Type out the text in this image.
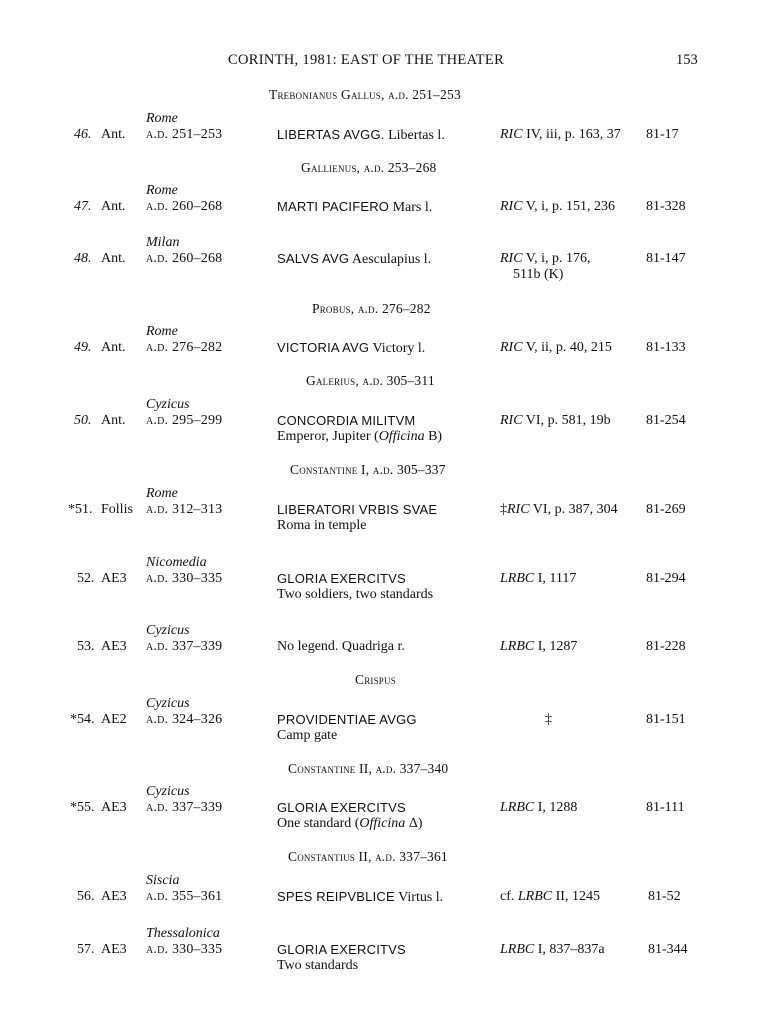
CORINTH, 1981: EAST OF THE THEATER	153
Trebonianus Gallus, a.d. 251–253
Rome
46. Ant. a.d. 251–253	LIBERTAS AVGG. Libertas l.	RIC IV, iii, p. 163, 37 81-17
Gallienus, a.d. 253–268
Rome
47. Ant. a.d. 260–268	MARTI PACIFERO Mars l.	RIC V, i, p. 151, 236 81-328
Milan
48. Ant. a.d. 260–268	SALVS AVG Aesculapius l.	RIC V, i, p. 176,
511b (K)
81-147
Probus, a.d. 276–282
Rome
49. Ant. a.d. 276–282	VICTORIA AVG Victory l.	RIC V, ii, p. 40, 215 81-133
Galerius, a.d. 305–311
Cyzicus
50. Ant. a.d. 295–299	CONCORDIA MILITVM
Emperor, Jupiter (Officina B)
RIC VI, p. 581, 19b	81-254
Constantine I, a.d. 305–337
Rome
*51. Follis a.d. 312–313	LIBERATORI VRBIS SVAE
Roma in temple
‡RIC VI, p. 387, 304 81-269
Nicomedia
52. AE3 a.d. 330–335	GLORIA EXERCITVS
Two soldiers, two standards
LRBC I, 1117	81-294
Cyzicus
53. AE3 a.d. 337–339	No legend. Quadriga r.	LRBC I, 1287	81-228
Crispus
Cyzicus
*54. AE2 a.d. 324–326	PROVIDENTIAE AVGG
Camp gate
‡	81-151
Constantine II, a.d. 337–340
Cyzicus
*55. AE3 a.d. 337–339	GLORIA EXERCITVS
One standard (Officina Δ)
LRBC I, 1288	81-111
Constantius II, a.d. 337–361
Siscia
56. AE3 a.d. 355–361	SPES REIPVBLICE Virtus l.	cf. LRBC II, 1245	81-52
Thessalonica
57. AE3 a.d. 330–335	GLORIA EXERCITVS
Two standards
LRBC I, 837–837a	81-344
